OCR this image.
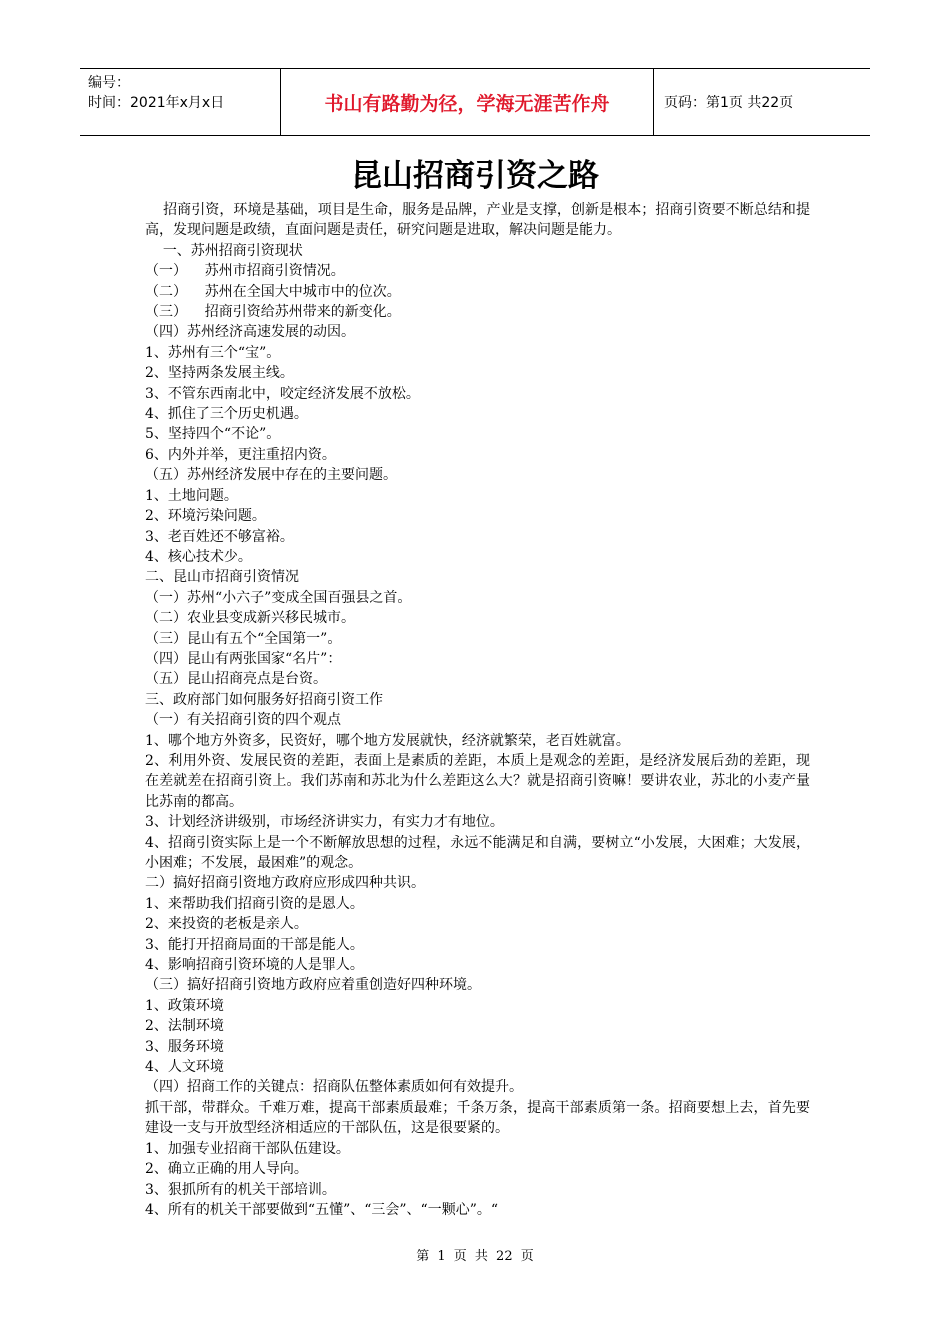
编号：
时间：2021年x月x日	书山有路勤为径，学海无涯苦作舟	页码：第1页 共22页
昆山招商引资之路

招商引资，环境是基础，项目是生命，服务是品牌，产业是支撑，创新是根本；招商引资要不断总结和提高，发现问题是政绩，直面问题是责任，研究问题是进取，解决问题是能力。

一、苏州招商引资现状

（一）    苏州市招商引资情况。

（二）    苏州在全国大中城市中的位次。

（三）    招商引资给苏州带来的新变化。

（四）苏州经济高速发展的动因。

1、苏州有三个“宝”。

2、坚持两条发展主线。

3、不管东西南北中，咬定经济发展不放松。

4、抓住了三个历史机遇。

5、坚持四个“不论”。

6、内外并举，更注重招内资。

（五）苏州经济发展中存在的主要问题。

1、土地问题。

2、环境污染问题。

3、老百姓还不够富裕。

4、核心技术少。

二、昆山市招商引资情况

（一）苏州“小六子”变成全国百强县之首。

（二）农业县变成新兴移民城市。

（三）昆山有五个“全国第一”。

（四）昆山有两张国家“名片”：

（五）昆山招商亮点是台资。

三、政府部门如何服务好招商引资工作

（一）有关招商引资的四个观点

1、哪个地方外资多，民资好，哪个地方发展就快，经济就繁荣，老百姓就富。

2、利用外资、发展民资的差距，表面上是素质的差距，本质上是观念的差距，是经济发展后劲的差距，现在差就差在招商引资上。我们苏南和苏北为什么差距这么大？就是招商引资嘛！要讲农业，苏北的小麦产量比苏南的都高。

3、计划经济讲级别，市场经济讲实力，有实力才有地位。

4、招商引资实际上是一个不断解放思想的过程，永远不能满足和自满，要树立“小发展，大困难；大发展，小困难；不发展，最困难”的观念。

二）搞好招商引资地方政府应形成四种共识。

1、来帮助我们招商引资的是恩人。

2、来投资的老板是亲人。

3、能打开招商局面的干部是能人。

4、影响招商引资环境的人是罪人。

（三）搞好招商引资地方政府应着重创造好四种环境。

1、政策环境

2、法制环境

3、服务环境

4、人文环境

（四）招商工作的关键点：招商队伍整体素质如何有效提升。

抓干部，带群众。千难万难，提高干部素质最难；千条万条，提高干部素质第一条。招商要想上去，首先要建设一支与开放型经济相适应的干部队伍，这是很要紧的。

1、加强专业招商干部队伍建设。

2、确立正确的用人导向。

3、狠抓所有的机关干部培训。

4、所有的机关干部要做到“五懂”、“三会”、“一颗心”。“

第 1 页 共 22 页
